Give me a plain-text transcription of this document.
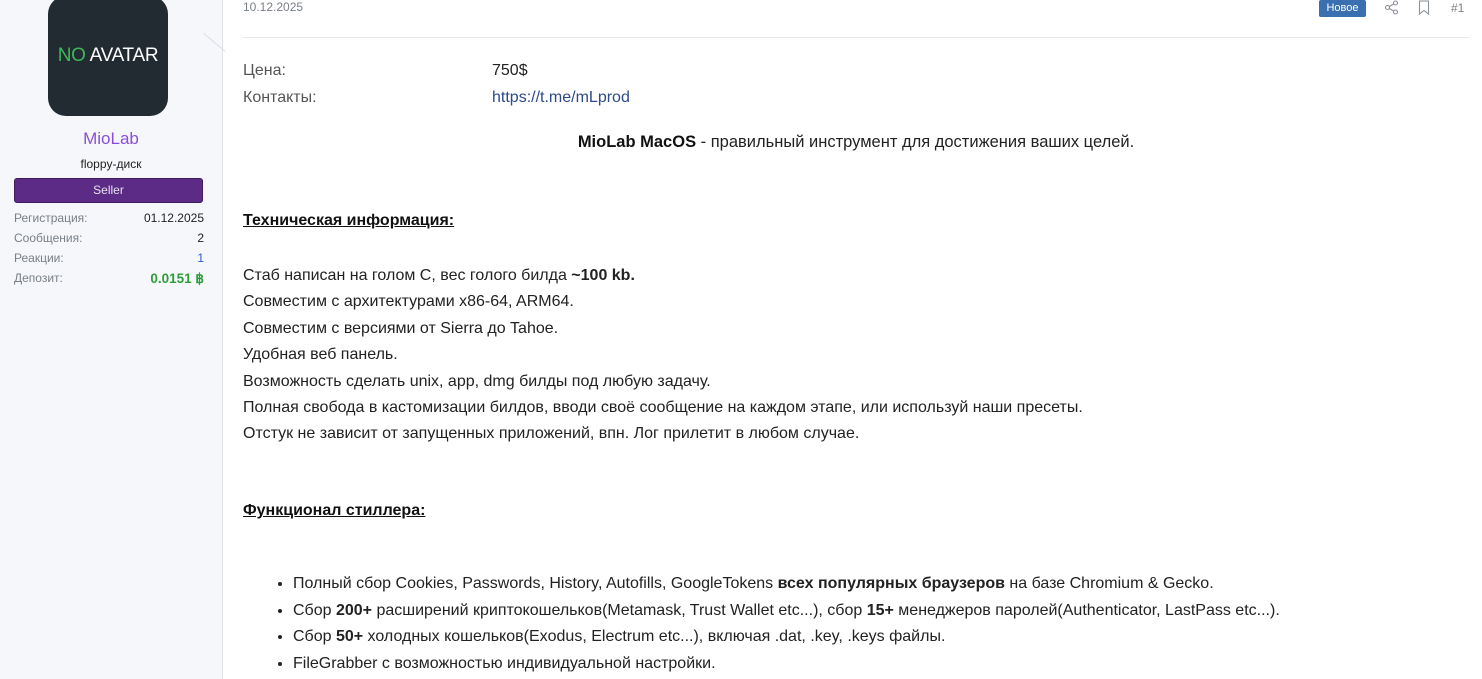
NO AVATAR
MioLab
floppy-диск
Seller
Регистрация:	01.12.2025
Сообщения:	2
Реакции:	1
Депозит:	0.0151 ฿
10.12.2025	Новое	#1
Цена:	750$
Контакты:	https://t.me/mLprod
MioLab MacOS - правильный инструмент для достижения ваших целей.
Техническая информация:

Стаб написан на голом С, вес голого билда ~100 kb.

Совместим с архитектурами x86-64, ARM64.

Совместим с версиями от Sierra до Tahoe.

Удобная веб панель.

Возможность сделать unix, app, dmg билды под любую задачу.

Полная свобода в кастомизации билдов, вводи своё сообщение на каждом этапе, или используй наши пресеты.

Отстук не зависит от запущенных приложений, впн. Лог прилетит в любом случае.

Функционал стиллера:
• Полный сбор Cookies, Passwords, History, Autofills, GoogleTokens всех популярных браузеров на базе Chromium & Gecko.
• Сбор 200+ расширений криптокошельков(Metamask, Trust Wallet etc...), сбор 15+ менеджеров паролей(Authenticator, LastPass etc...).
• Сбор 50+ холодных кошельков(Exodus, Electrum etc...), включая .dat, .key, .keys файлы.
• FileGrabber с возможностью индивидуальной настройки.
